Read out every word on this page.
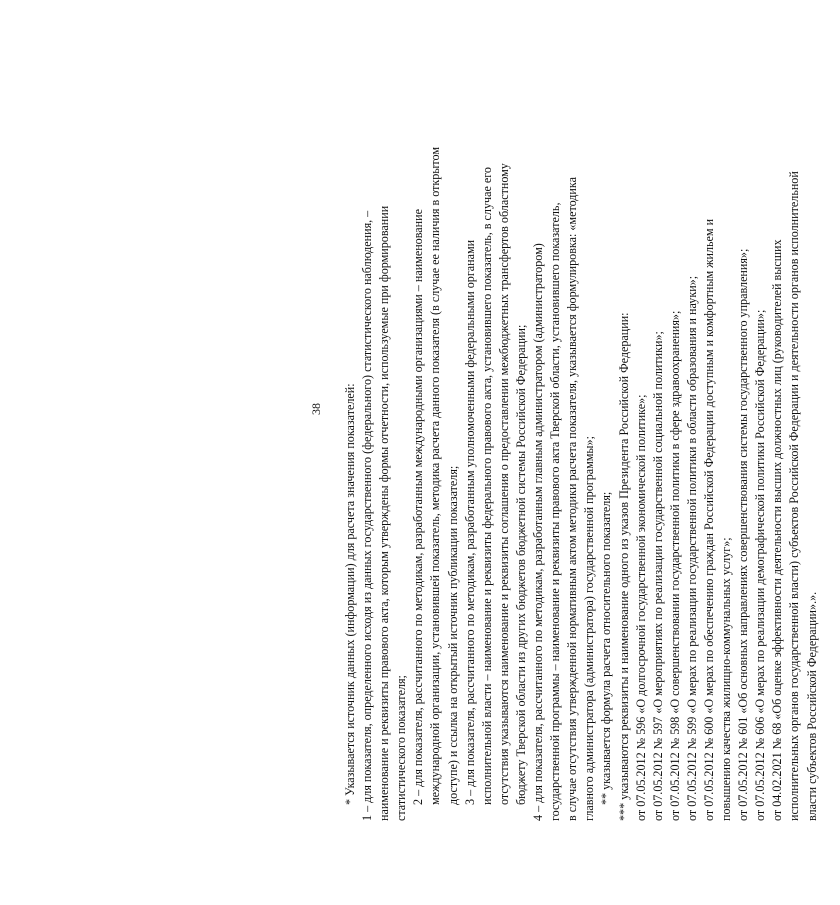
38 * Указывается источник данных (информации) для расчета значения показателей: 1 – для показателя, определенного исходя из данных государственного (федерального) статистического наблюдения, – наименование и реквизиты правового акта, которым утверждены формы отчетности, используемые при формировании статистического показателя; 2 – для показателя, рассчитанного по методикам, разработанным международными организациями – наименование международной организации, установившей показатель, методика расчета данного показателя (в случае ее наличия в открытом доступе) и ссылка на открытый источник публикации показателя; 3 – для показателя, рассчитанного по методикам, разработанным уполномоченными федеральными органами исполнительной власти – наименование и реквизиты федерального правового акта, установившего показатель, в случае его отсутствия указываются наименование и реквизиты соглашения о предоставлении межбюджетных трансфертов областному бюджету Тверской области из других бюджетов бюджетной системы Российской Федерации; 4 – для показателя, рассчитанного по методикам, разработанным главным администратором (администратором) государственной программы – наименование и реквизиты правового акта Тверской области, установившего показатель, в случае отсутствия утвержденной нормативным актом методики расчета показателя, указывается формулировка: «методика главного администратора (администратора) государственной программы»; ** указывается формула расчета относительного показателя; *** указываются реквизиты и наименование одного из указов Президента Российской Федерации: от 07.05.2012 № 596 «О долгосрочной государственной экономической политике»; от 07.05.2012 № 597 «О мероприятиях по реализации государственной социальной политики»; от 07.05.2012 № 598 «О совершенствовании государственной политики в сфере здравоохранения»; от 07.05.2012 № 599 «О мерах по реализации государственной политики в области образования и науки»; от 07.05.2012 № 600 «О мерах по обеспечению граждан Российской Федерации доступным и комфортным жильем и повышению качества жилищно-коммунальных услуг»; от 07.05.2012 № 601 «Об основных направлениях совершенствования системы государственного управления»; от 07.05.2012 № 606 «О мерах по реализации демографической политики Российской Федерации»; от 04.02.2021 № 68 «Об оценке эффективности деятельности высших должностных лиц (руководителей высших исполнительных органов государственной власти) субъектов Российской Федерации и деятельности органов исполнительной власти субъектов Российской Федерации».».
